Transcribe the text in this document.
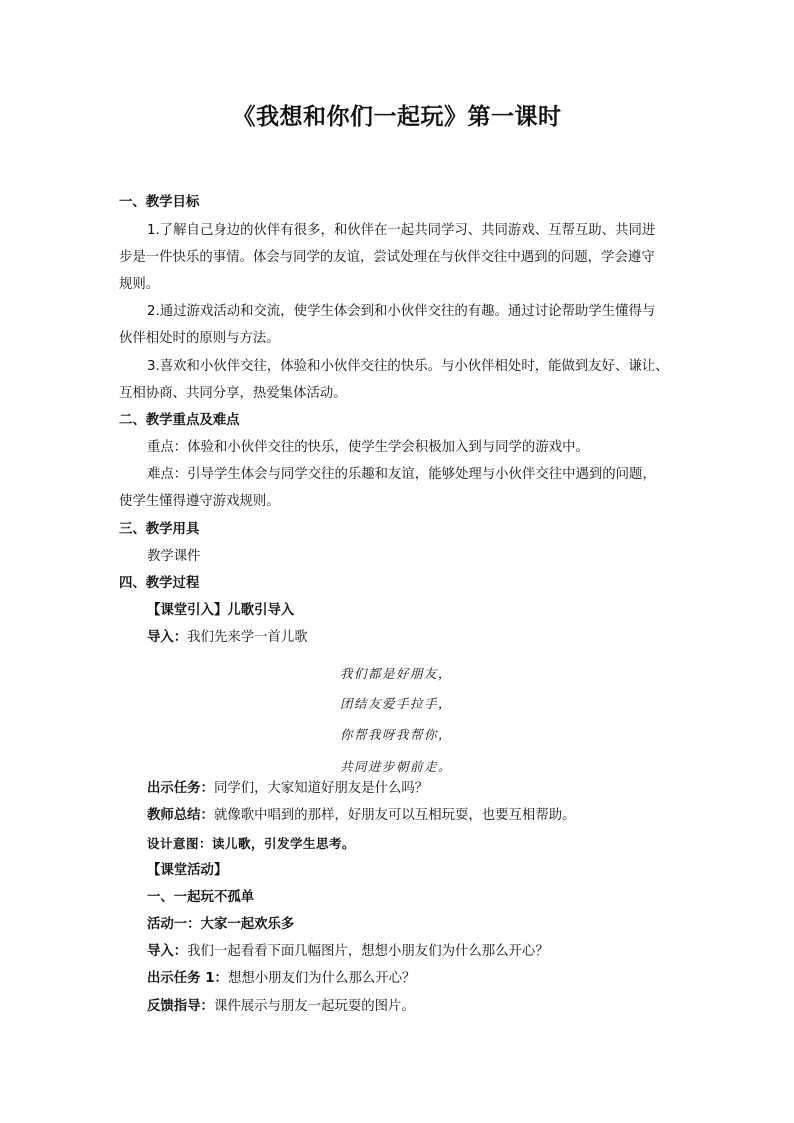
《我想和你们一起玩》第一课时
一、教学目标
1.了解自己身边的伙伴有很多，和伙伴在一起共同学习、共同游戏、互帮互助、共同进
步是一件快乐的事情。体会与同学的友谊，尝试处理在与伙伴交往中遇到的问题，学会遵守
规则。
2.通过游戏活动和交流，使学生体会到和小伙伴交往的有趣。通过讨论帮助学生懂得与
伙伴相处时的原则与方法。
3.喜欢和小伙伴交往，体验和小伙伴交往的快乐。与小伙伴相处时，能做到友好、谦让、
互相协商、共同分享，热爱集体活动。
二、教学重点及难点
重点：体验和小伙伴交往的快乐，使学生学会积极加入到与同学的游戏中。
难点：引导学生体会与同学交往的乐趣和友谊，能够处理与小伙伴交往中遇到的问题，
使学生懂得遵守游戏规则。
三、教学用具
教学课件
四、教学过程
【课堂引入】儿歌引导入
导入：我们先来学一首儿歌
我们都是好朋友，
团结友爱手拉手，
你帮我呀我帮你，
共同进步朝前走。
出示任务：同学们，大家知道好朋友是什么吗？
教师总结：就像歌中唱到的那样，好朋友可以互相玩耍，也要互相帮助。
设计意图：读儿歌，引发学生思考。
【课堂活动】
一、一起玩不孤单
活动一：大家一起欢乐多
导入：我们一起看看下面几幅图片，想想小朋友们为什么那么开心？
出示任务 1：想想小朋友们为什么那么开心？
反馈指导：课件展示与朋友一起玩耍的图片。
